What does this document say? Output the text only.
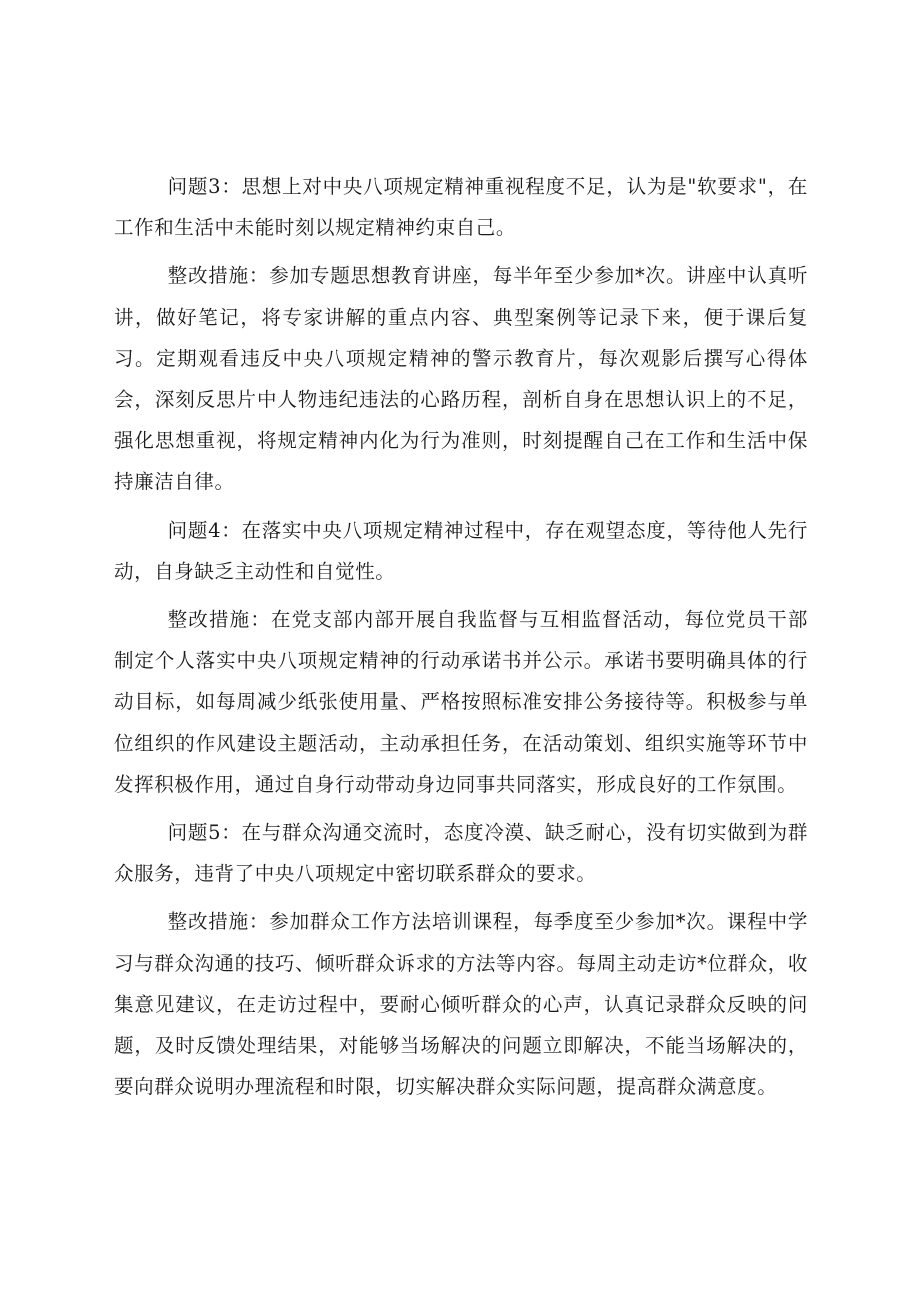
问题3：思想上对中央八项规定精神重视程度不足，认为是"软要求"，在工作和生活中未能时刻以规定精神约束自己。

整改措施：参加专题思想教育讲座，每半年至少参加*次。讲座中认真听讲，做好笔记，将专家讲解的重点内容、典型案例等记录下来，便于课后复习。定期观看违反中央八项规定精神的警示教育片，每次观影后撰写心得体会，深刻反思片中人物违纪违法的心路历程，剖析自身在思想认识上的不足，强化思想重视，将规定精神内化为行为准则，时刻提醒自己在工作和生活中保持廉洁自律。

问题4：在落实中央八项规定精神过程中，存在观望态度，等待他人先行动，自身缺乏主动性和自觉性。

整改措施：在党支部内部开展自我监督与互相监督活动，每位党员干部制定个人落实中央八项规定精神的行动承诺书并公示。承诺书要明确具体的行动目标，如每周减少纸张使用量、严格按照标准安排公务接待等。积极参与单位组织的作风建设主题活动，主动承担任务，在活动策划、组织实施等环节中发挥积极作用，通过自身行动带动身边同事共同落实，形成良好的工作氛围。

问题5：在与群众沟通交流时，态度冷漠、缺乏耐心，没有切实做到为群众服务，违背了中央八项规定中密切联系群众的要求。

整改措施：参加群众工作方法培训课程，每季度至少参加*次。课程中学习与群众沟通的技巧、倾听群众诉求的方法等内容。每周主动走访*位群众，收集意见建议，在走访过程中，要耐心倾听群众的心声，认真记录群众反映的问题，及时反馈处理结果，对能够当场解决的问题立即解决，不能当场解决的，要向群众说明办理流程和时限，切实解决群众实际问题，提高群众满意度。
